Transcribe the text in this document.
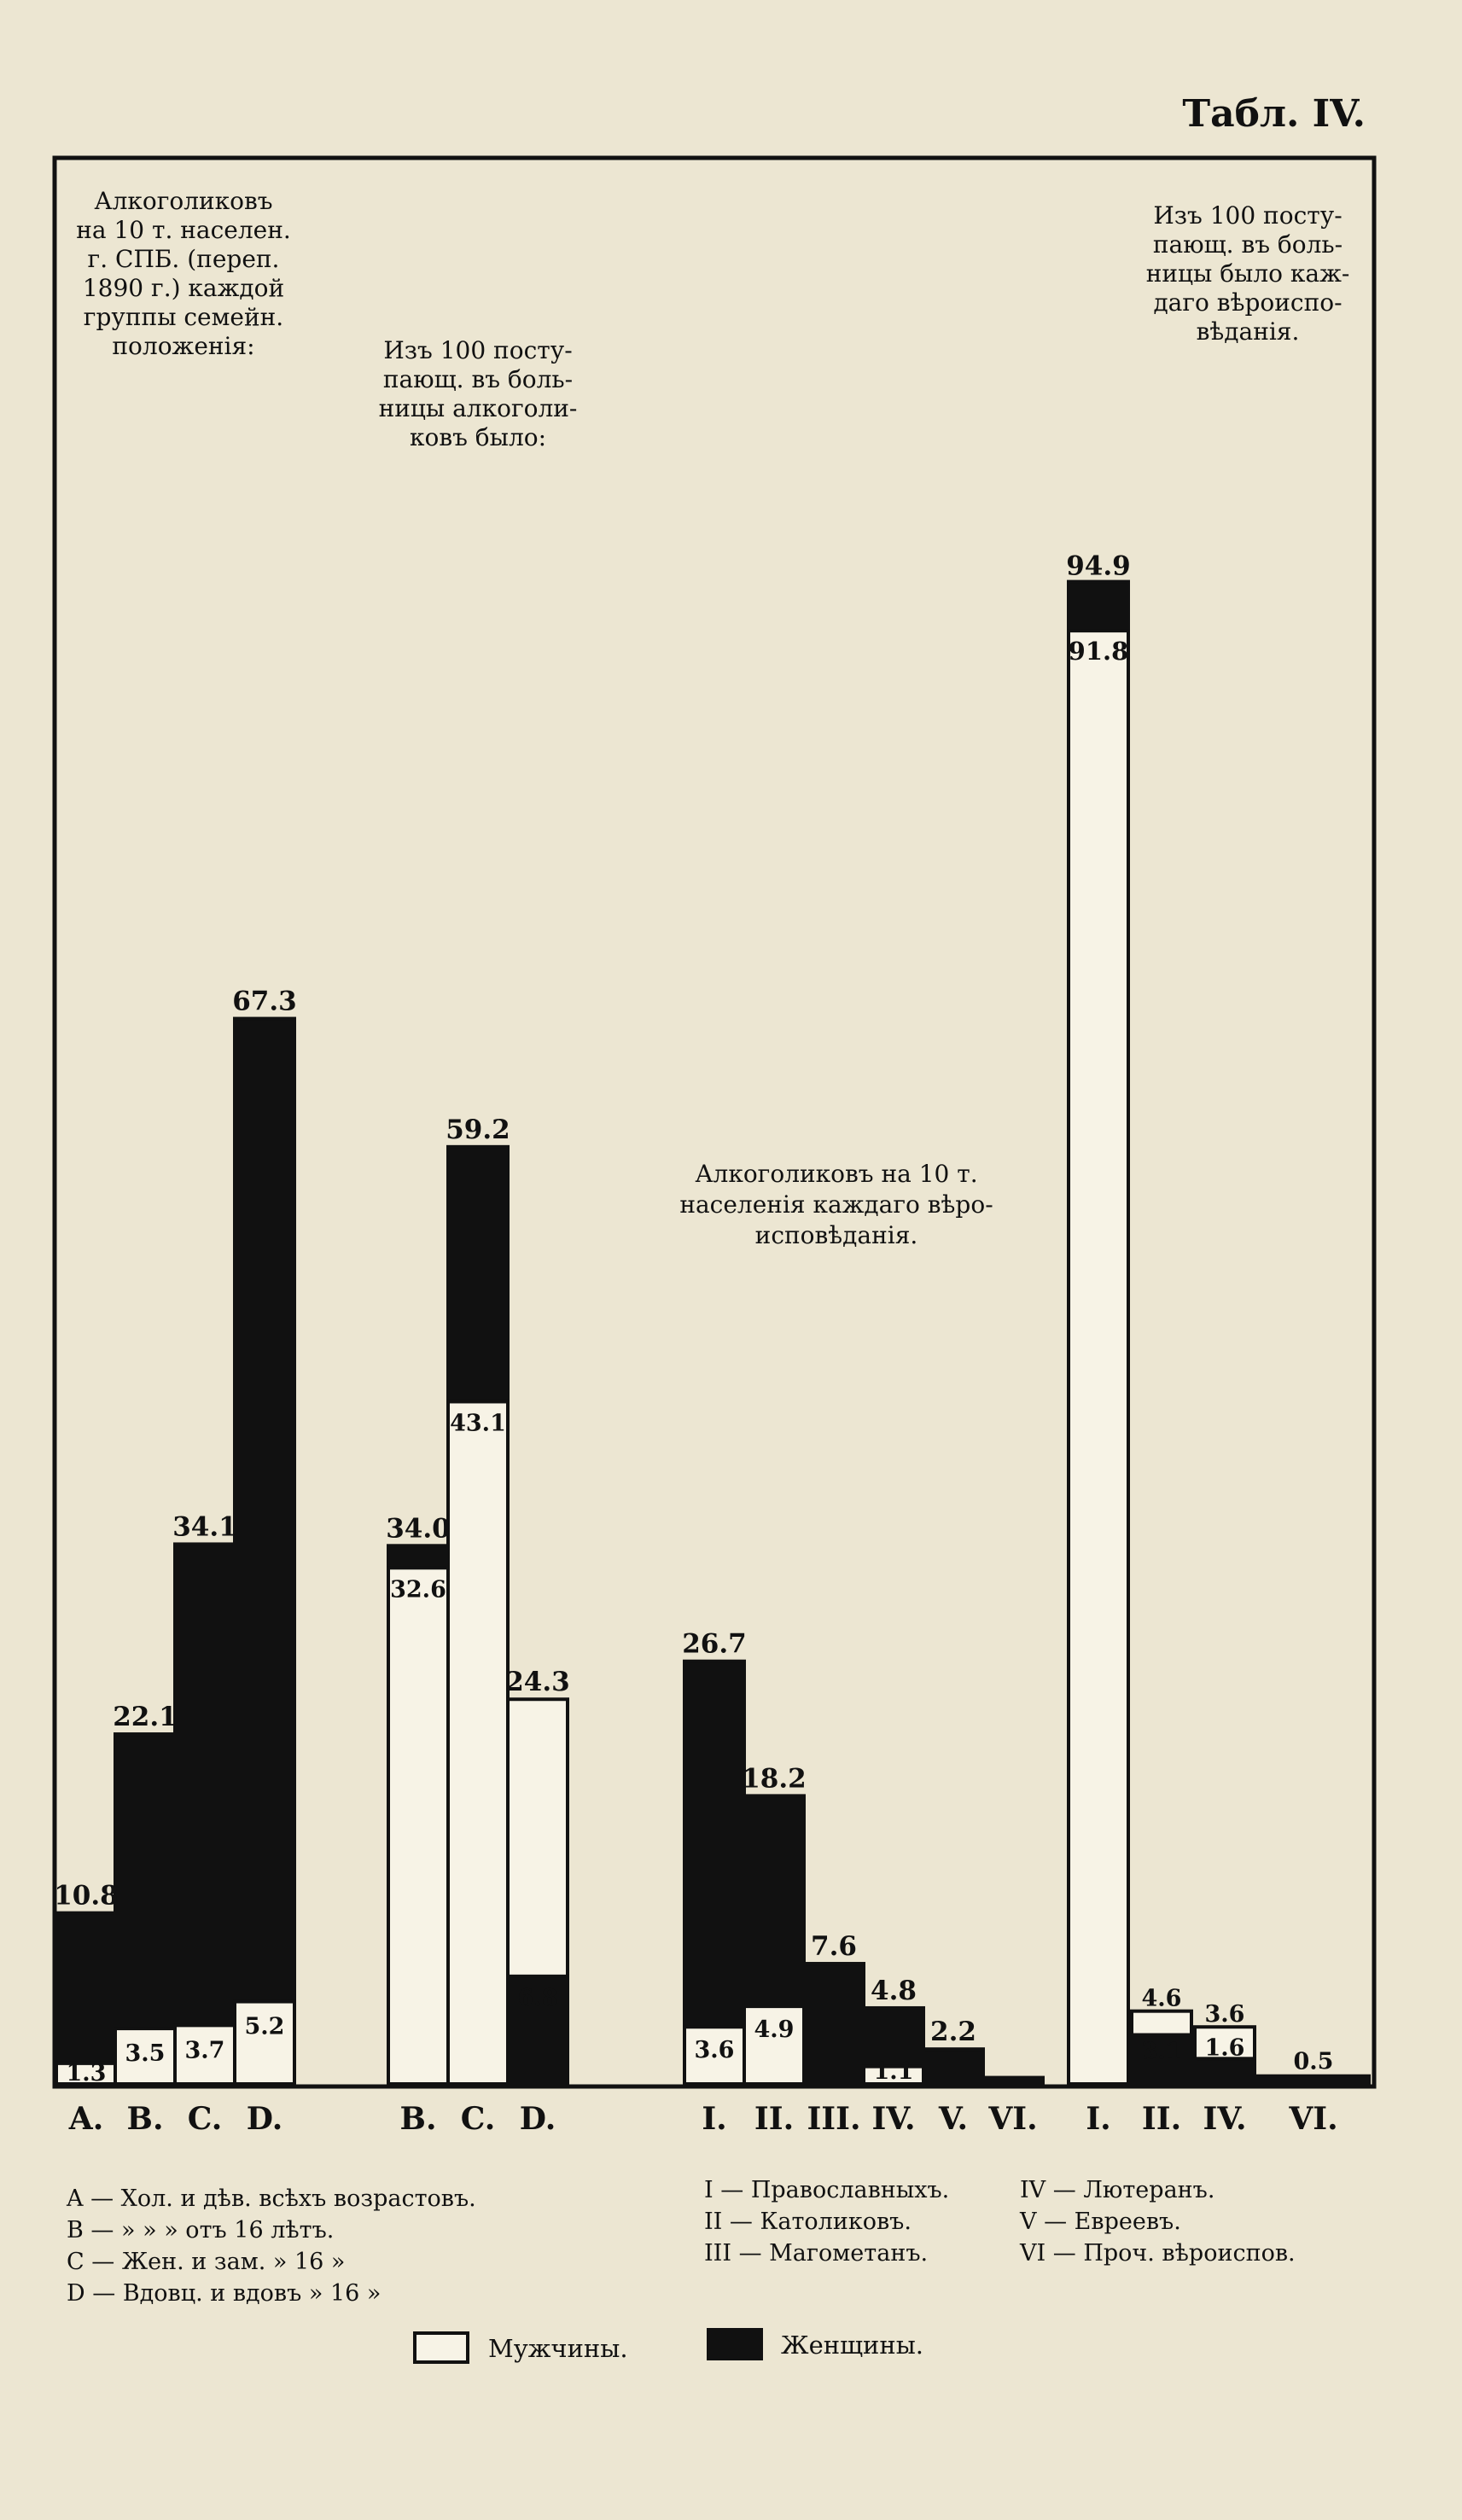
Табл. IV.
Алкоголиковъ на 10 т. населен. г. СПБ. (переп. 1890 г.) каждой группы семейн. положенія:	Изъ 100 посту-пающ. въ боль-ницы алкоголи-ковъ было:
Алкоголиковъ на 10 т. населенія каждаго вѣро-исповѣданія.
Изъ 100 посту-пающ. въ боль-ницы было каж-даго вѣроиспо-вѣданія.
10.8
1.3
22.1
3.5
34.1
3.7
67.3
5.2
34.0
32.6
59.2
43.1
24.3
6.8
26.7
3.6
18.2
4.9
7.6
4.8
1.1
2.2
94.9
91.8
4.6
3.1
3.6
1.6
0.5
A. B. C. D.	B. C. D.	I. II. III. IV. V. VI. I. II. IV. VI.
A — Хол. и дѣв. всѣхъ возрастовъ.
B — » » » отъ 16 лѣтъ.
C — Жен. и зам. » 16 »
D — Вдовц. и вдовъ » 16 »
I — Православныхъ.
II — Католиковъ.
III — Магометанъ.
IV — Лютеранъ.
V — Евреевъ.
VI — Проч. вѣроиспов.
Мужчины.	Женщины.
